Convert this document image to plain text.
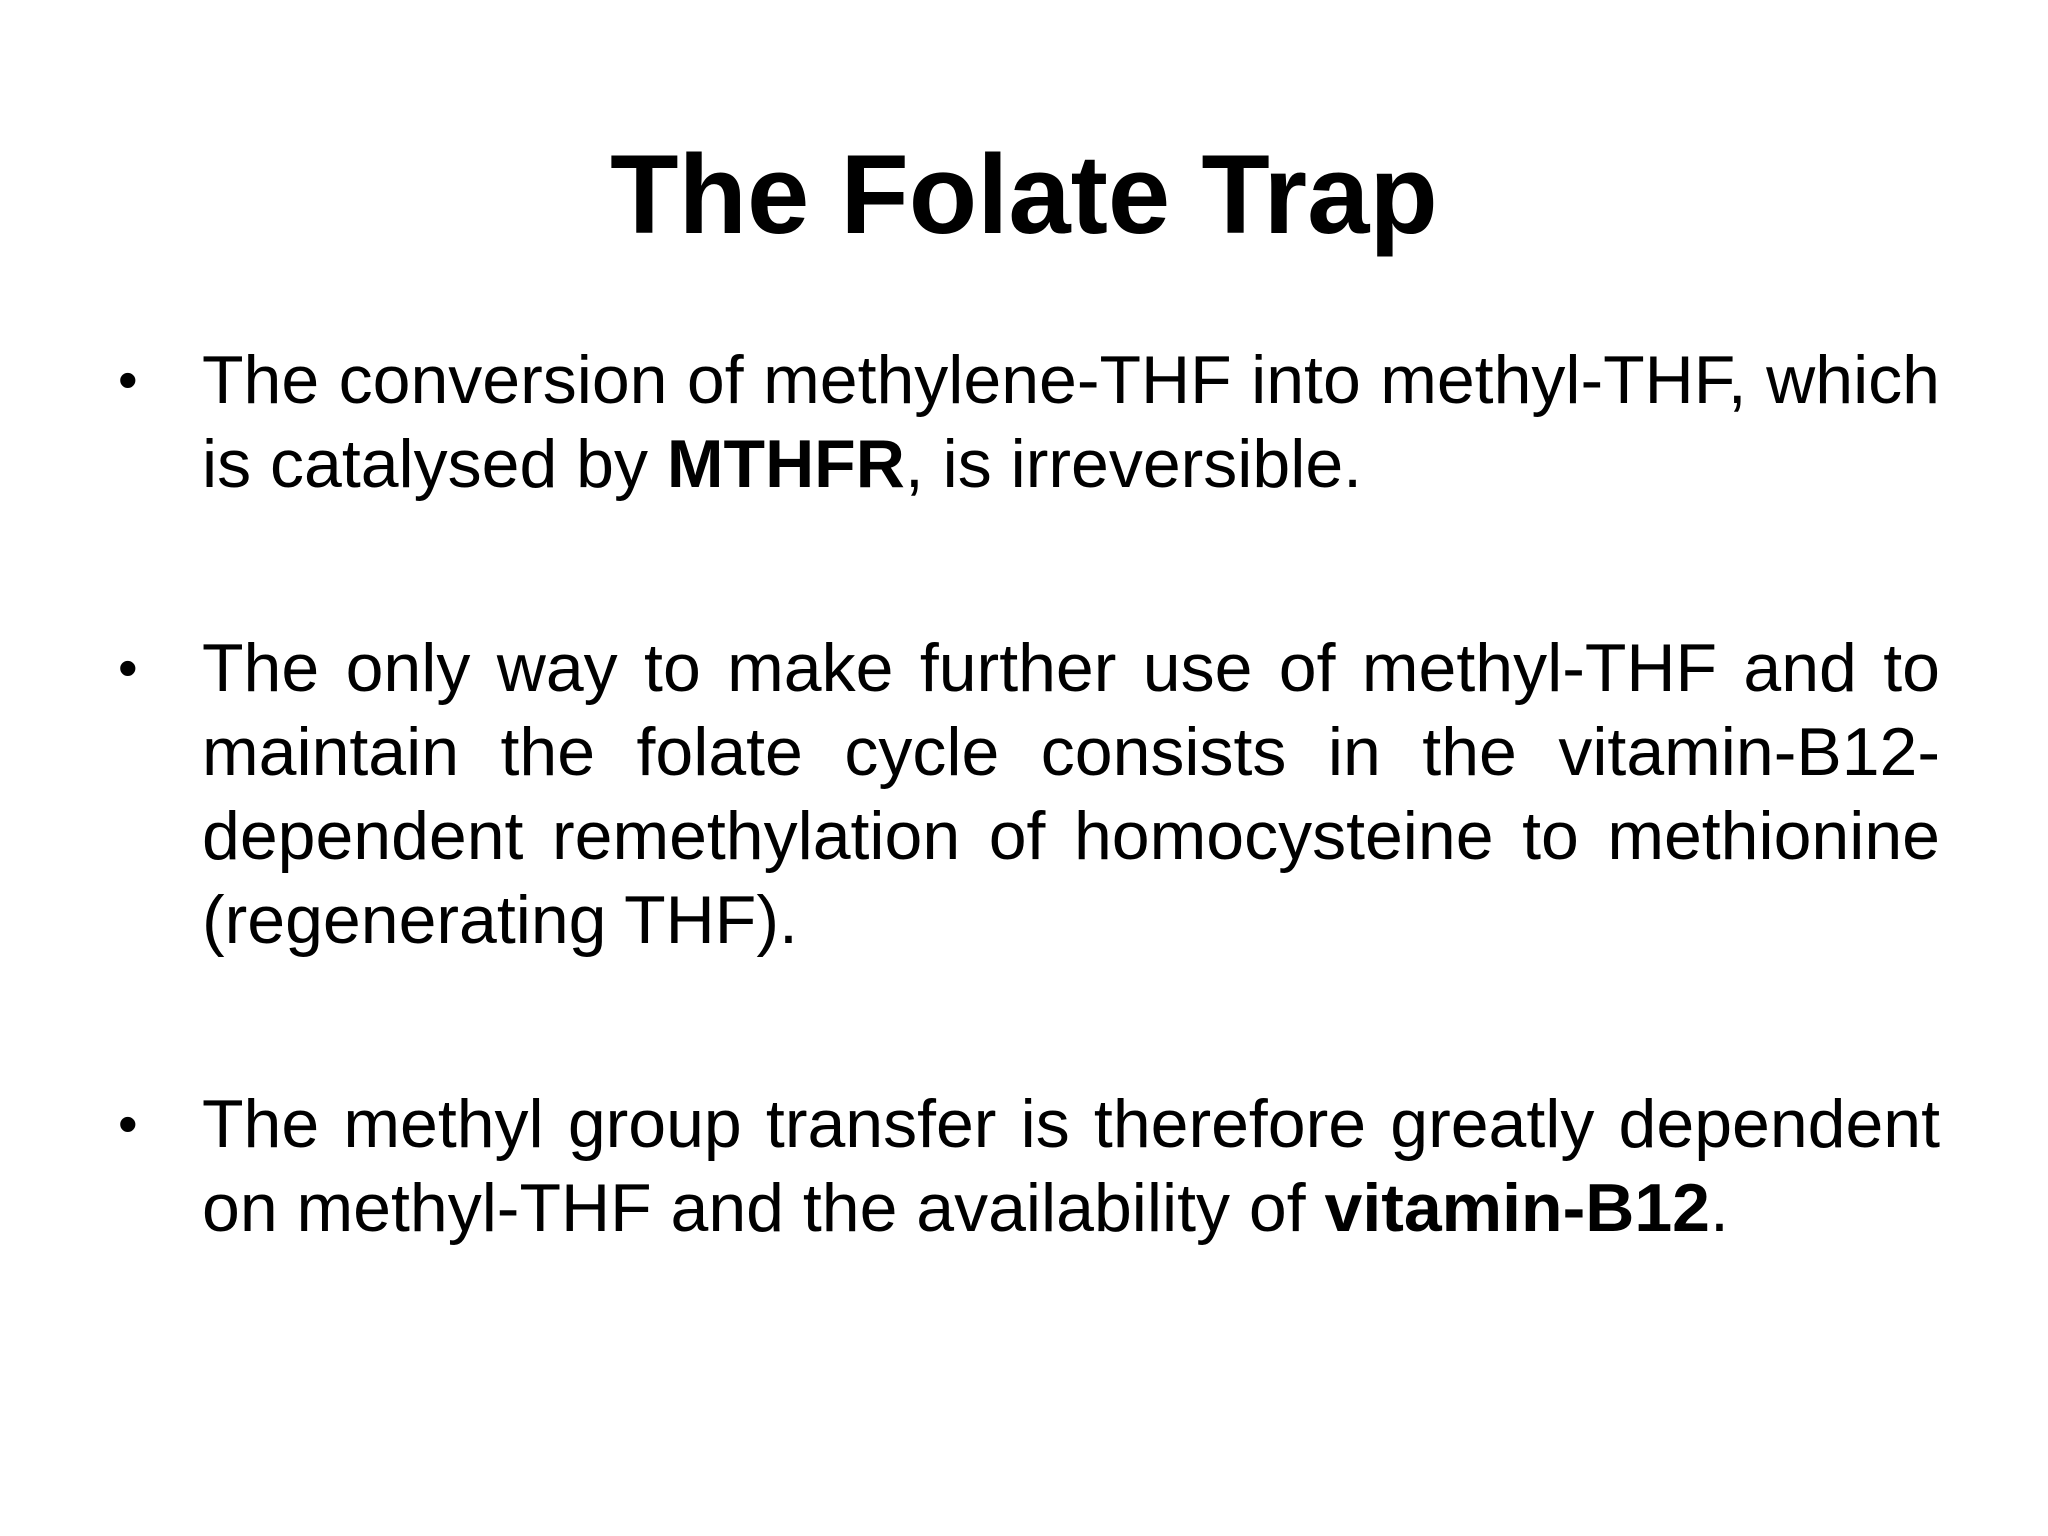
The Folate Trap
• The conversion of methylene-THF into methyl-THF, which is catalysed by MTHFR, is irreversible.
• The only way to make further use of methyl-THF and to maintain the folate cycle consists in the vitamin-B12-dependent remethylation of homocysteine to methionine (regenerating THF).
• The methyl group transfer is therefore greatly dependent on methyl-THF and the availability of vitamin-B12.
